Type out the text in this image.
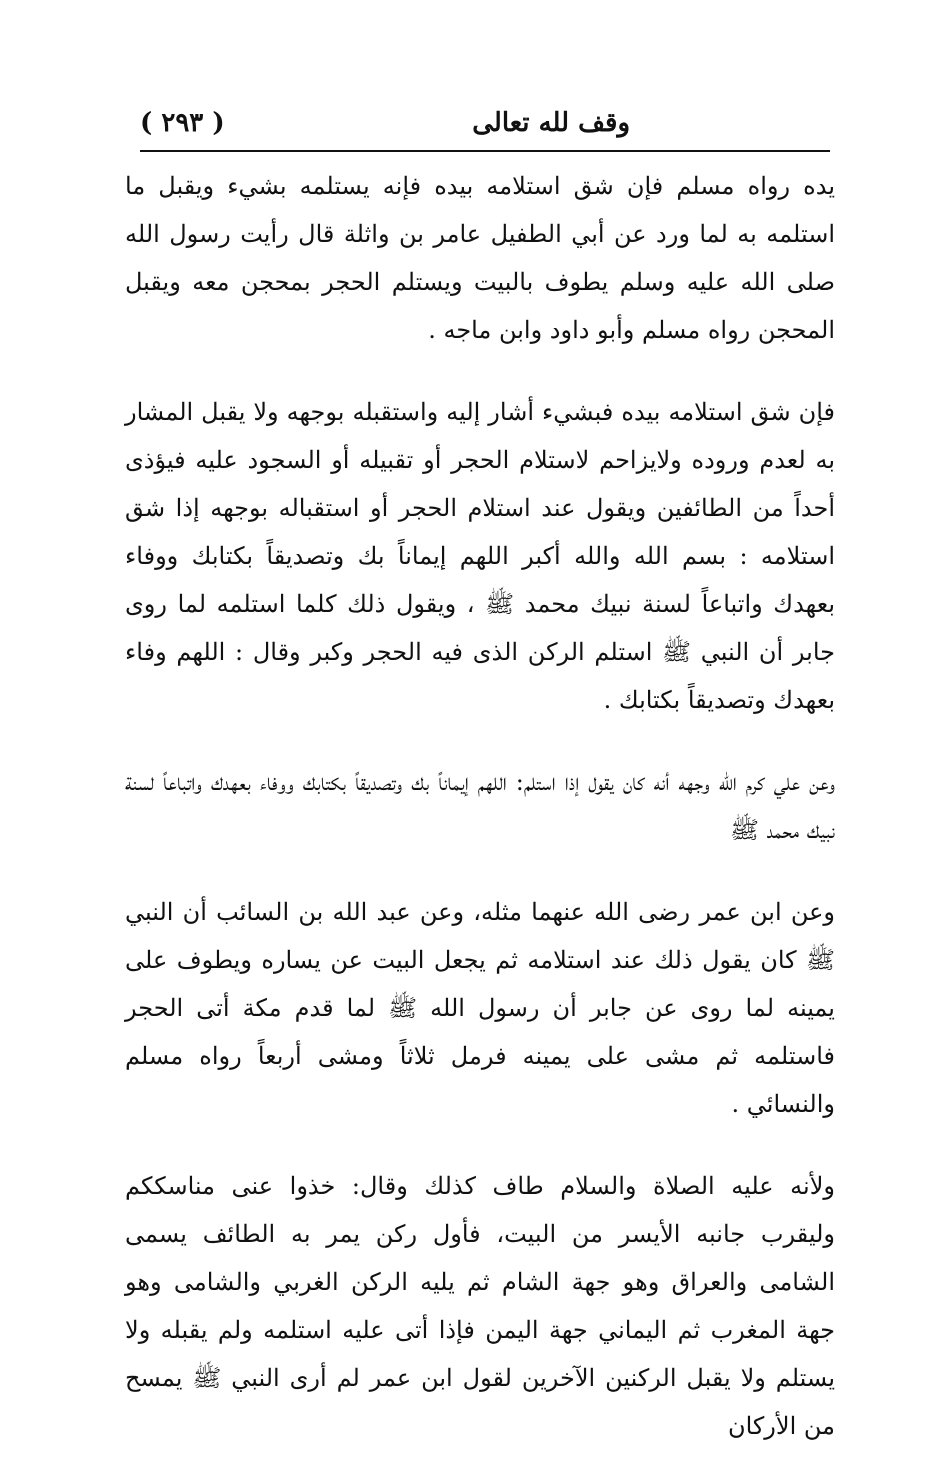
وقف لله تعالى
( ٢٩٣ )

يده رواه مسلم فإن شق استلامه بيده فإنه يستلمه بشيء ويقبل ما استلمه به لما ورد عن أبي الطفيل عامر بن واثلة قال رأيت رسول الله صلى الله عليه وسلم يطوف بالبيت ويستلم الحجر بمحجن معه ويقبل المحجن رواه مسلم وأبو داود وابن ماجه .

فإن شق استلامه بيده فبشيء أشار إليه واستقبله بوجهه ولا يقبل المشار به لعدم وروده ولايزاحم لاستلام الحجر أو تقبيله أو السجود عليه فيؤذى أحداً من الطائفين ويقول عند استلام الحجر أو استقباله بوجهه إذا شق استلامه : بسم الله والله أكبر اللهم إيماناً بك وتصديقاً بكتابك ووفاء بعهدك واتباعاً لسنة نبيك محمد ﷺ ، ويقول ذلك كلما استلمه لما روى جابر أن النبي ﷺ استلم الركن الذى فيه الحجر وكبر وقال : اللهم وفاء بعهدك وتصديقاً بكتابك .

وعن علي كرم الله وجهه أنه كان يقول إذا استلم: اللهم إيماناً بك وتصديقاً بكتابك ووفاء بعهدك واتباعاً لسنة نبيك محمد ﷺ

وعن ابن عمر رضى الله عنهما مثله، وعن عبد الله بن السائب أن النبي ﷺ كان يقول ذلك عند استلامه ثم يجعل البيت عن يساره ويطوف على يمينه لما روى عن جابر أن رسول الله ﷺ لما قدم مكة أتى الحجر فاستلمه ثم مشى على يمينه فرمل ثلاثاً ومشى أربعاً رواه مسلم والنسائي .

ولأنه عليه الصلاة والسلام طاف كذلك وقال: خذوا عنى مناسككم وليقرب جانبه الأيسر من البيت، فأول ركن يمر به الطائف يسمى الشامى والعراق وهو جهة الشام ثم يليه الركن الغربي والشامى وهو جهة المغرب ثم اليماني جهة اليمن فإذا أتى عليه استلمه ولم يقبله ولا يستلم ولا يقبل الركنين الآخرين لقول ابن عمر لم أرى النبي ﷺ يمسح من الأركان
